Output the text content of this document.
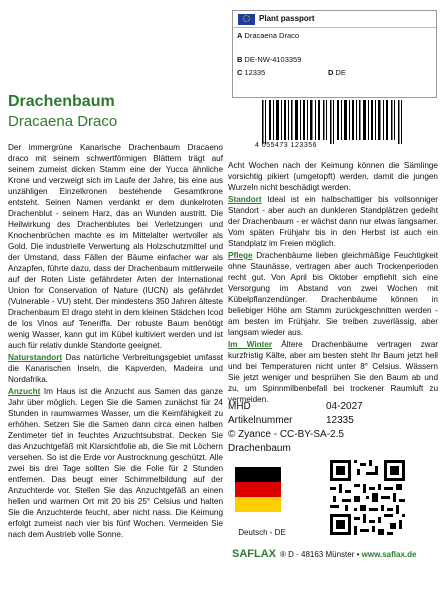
Plant passport
A Dracaena Draco
B DE-NW-4103359
C 12335	D DE
4 055473 123356
Drachenbaum
Dracaena Draco

Der immergrüne Kanarische Drachenbaum Dracaeno draco mit seinem schwertförmigen Blättern trägt auf seinem zumeist dicken Stamm eine der Yucca ähnliche Krone und verzweigt sich im Laufe der Jahre, bis eine aus unzähligen Einzelkronen bestehende Gesamtkrone entsteht. Seinen Namen verdankt er dem dunkelroten Drachenblut - seinem Harz, das an Wunden austritt. Die Heilwirkung des Drachenblutes bei Verletzungen und Knochenbrüchen machte es im Mittelalter wertvoller als Gold. Die industrielle Verwertung als Holzschutzmittel und der Umstand, dass Fällen der Bäume einfacher war als Anzapfen, führte dazu, dass der Drachenbaum mittlerweile auf der Roten Liste gefährdeter Arten der International Union for Conservation of Nature (IUCN) als gefährdet (Vulnerable - VU) steht. Der mindestens 350 Jahren älteste Drachenbaum El drago steht in dem kleinen Städchen Icod de los Vinos auf Teneriffa. Der robuste Baum benötigt wenig Wasser, kann gut im Kübel kultiviert werden und ist auch für relativ dunkle Standorte geeignet.

Naturstandort Das natürliche Verbreitungsgebiet umfasst die Kanarischen Inseln, die Kapverden, Madeira und Nordafrika.

Anzucht Im Haus ist die Anzucht aus Samen das ganze Jahr über möglich. Legen Sie die Samen zunächst für 24 Stunden in raumwarmes Wasser, um die Keimfähigkeit zu erhöhen. Setzen Sie die Samen dann circa einen halben Zentimeter tief in feuchtes Anzuchtsubstrat. Decken Sie das Anzuchtgefäß mit Klarsichtfolie ab, die Sie mit Löchern versehen. So ist die Erde vor Austrocknung geschützt. Alle zwei bis drei Tage sollten Sie die Folie für 2 Stunden entfernen. Das beugt einer Schimmelbildung auf der Anzuchterde vor. Stellen Sie das Anzuchtgefäß an einen hellen und warmen Ort mit 20 bis 25° Celsius und halten Sie die Anzuchterde feucht, aber nicht nass. Die Keimung erfolgt zumeist nach vier bis fünf Wochen. Vermeiden Sie nach dem Austrieb volle Sonne.

Acht Wochen nach der Keimung können die Sämlinge vorsichtig pikiert (umgetopft) werden, damit die jungen Wurzeln nicht beschädigt werden.

Standort Ideal ist ein halbschattiger bis vollsonniger Standort - aber auch an dunkleren Standplätzen gedeiht der Drachenbaum - er wächst dann nur etwas langsamer. Vom späten Frühjahr bis in den Herbst ist auch ein Standplatz im Freien möglich.

Pflege Drachenbäume lieben gleichmäßige Feuchtigkeit ohne Staunässe, vertragen aber auch Trockenperioden recht gut. Von April bis Oktober empfiehlt sich eine Versorgung im Abstand von zwei Wochen mit Kübelpflanzendünger. Drachenbäume können in beliebiger Höhe am Stamm zurückgeschnitten werden - am besten im Frühjahr. Sie treiben zuverlässig, aber langsam wieder aus.

Im Winter Ältere Drachenbäume vertragen zwar kurzfristig Kälte, aber am besten steht Ihr Baum jetzt hell und bei Temperaturen nicht unter 8° Celsius. Wässern Sie jetzt weniger und besprühen Sie den Baum ab und zu, um Spinnmilbenbefall bei trockener Raumluft zu vermeiden.

MHD	04-2027
Artikelnummer	12335
© Zyance - CC-BY-SA-2.5
Drachenbaum
Deutsch - DE
SAFLAX ® D - 48163 Münster • www.saflax.de
